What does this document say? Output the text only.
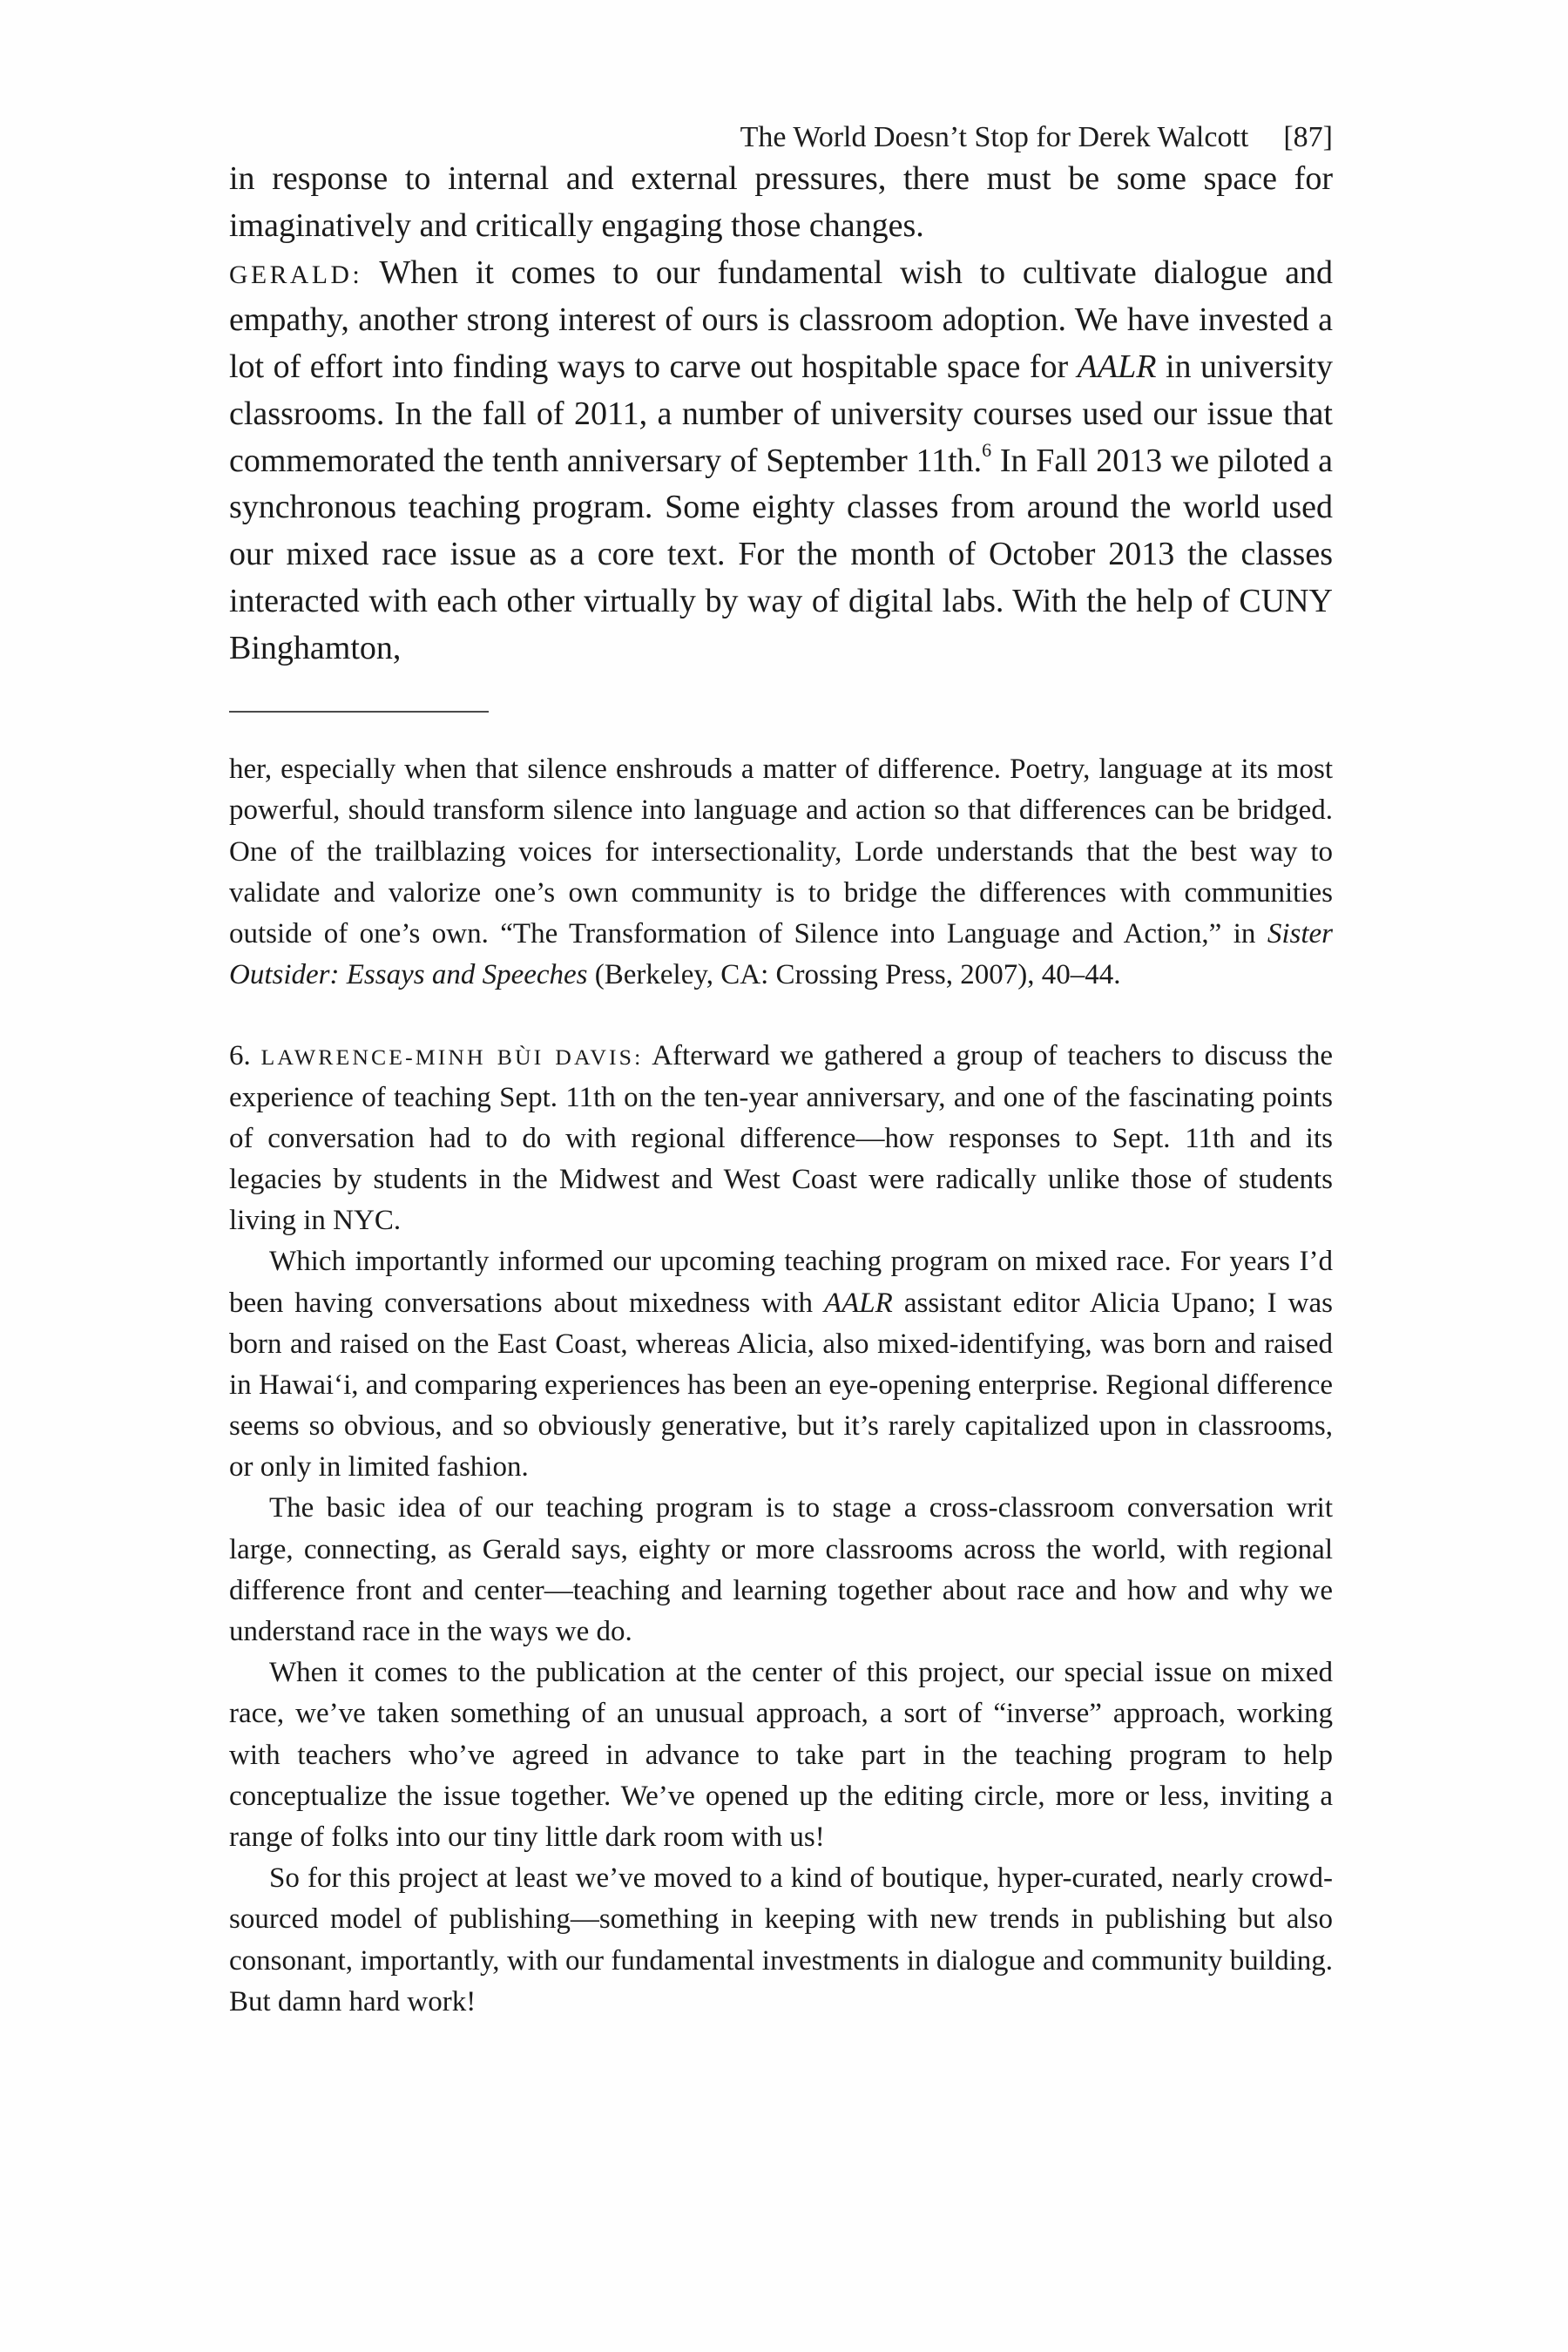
The World Doesn’t Stop for Derek Walcott [87]

in response to internal and external pressures, there must be some space for imaginatively and critically engaging those changes.

GERALD: When it comes to our fundamental wish to cultivate dialogue and empathy, another strong interest of ours is classroom adoption. We have invested a lot of effort into finding ways to carve out hospitable space for AALR in university classrooms. In the fall of 2011, a number of university courses used our issue that commemorated the tenth anniversary of September 11th.$^6$ In Fall 2013 we piloted a synchronous teaching program. Some eighty classes from around the world used our mixed race issue as a core text. For the month of October 2013 the classes interacted with each other virtually by way of digital labs. With the help of CUNY Binghamton,

her, especially when that silence enshrouds a matter of difference. Poetry, language at its most powerful, should transform silence into language and action so that differences can be bridged. One of the trailblazing voices for intersectionality, Lorde understands that the best way to validate and valorize one’s own community is to bridge the differences with communities outside of one’s own. “The Transformation of Silence into Language and Action,” in Sister Outsider: Essays and Speeches (Berkeley, CA: Crossing Press, 2007), 40–44.

6. LAWRENCE-MINH BÙI DAVIS: Afterward we gathered a group of teachers to discuss the experience of teaching Sept. 11th on the ten-year anniversary, and one of the fascinating points of conversation had to do with regional difference—how responses to Sept. 11th and its legacies by students in the Midwest and West Coast were radically unlike those of students living in NYC.

Which importantly informed our upcoming teaching program on mixed race. For years I’d been having conversations about mixedness with AALR assistant editor Alicia Upano; I was born and raised on the East Coast, whereas Alicia, also mixed-identifying, was born and raised in Hawai‘i, and comparing experiences has been an eye-opening enterprise. Regional difference seems so obvious, and so obviously generative, but it’s rarely capitalized upon in classrooms, or only in limited fashion.

The basic idea of our teaching program is to stage a cross-classroom conversation writ large, connecting, as Gerald says, eighty or more classrooms across the world, with regional difference front and center—teaching and learning together about race and how and why we understand race in the ways we do.

When it comes to the publication at the center of this project, our special issue on mixed race, we’ve taken something of an unusual approach, a sort of “inverse” approach, working with teachers who’ve agreed in advance to take part in the teaching program to help conceptualize the issue together. We’ve opened up the editing circle, more or less, inviting a range of folks into our tiny little dark room with us!

So for this project at least we’ve moved to a kind of boutique, hyper-curated, nearly crowd-sourced model of publishing—something in keeping with new trends in publishing but also consonant, importantly, with our fundamental investments in dialogue and community building. But damn hard work!
